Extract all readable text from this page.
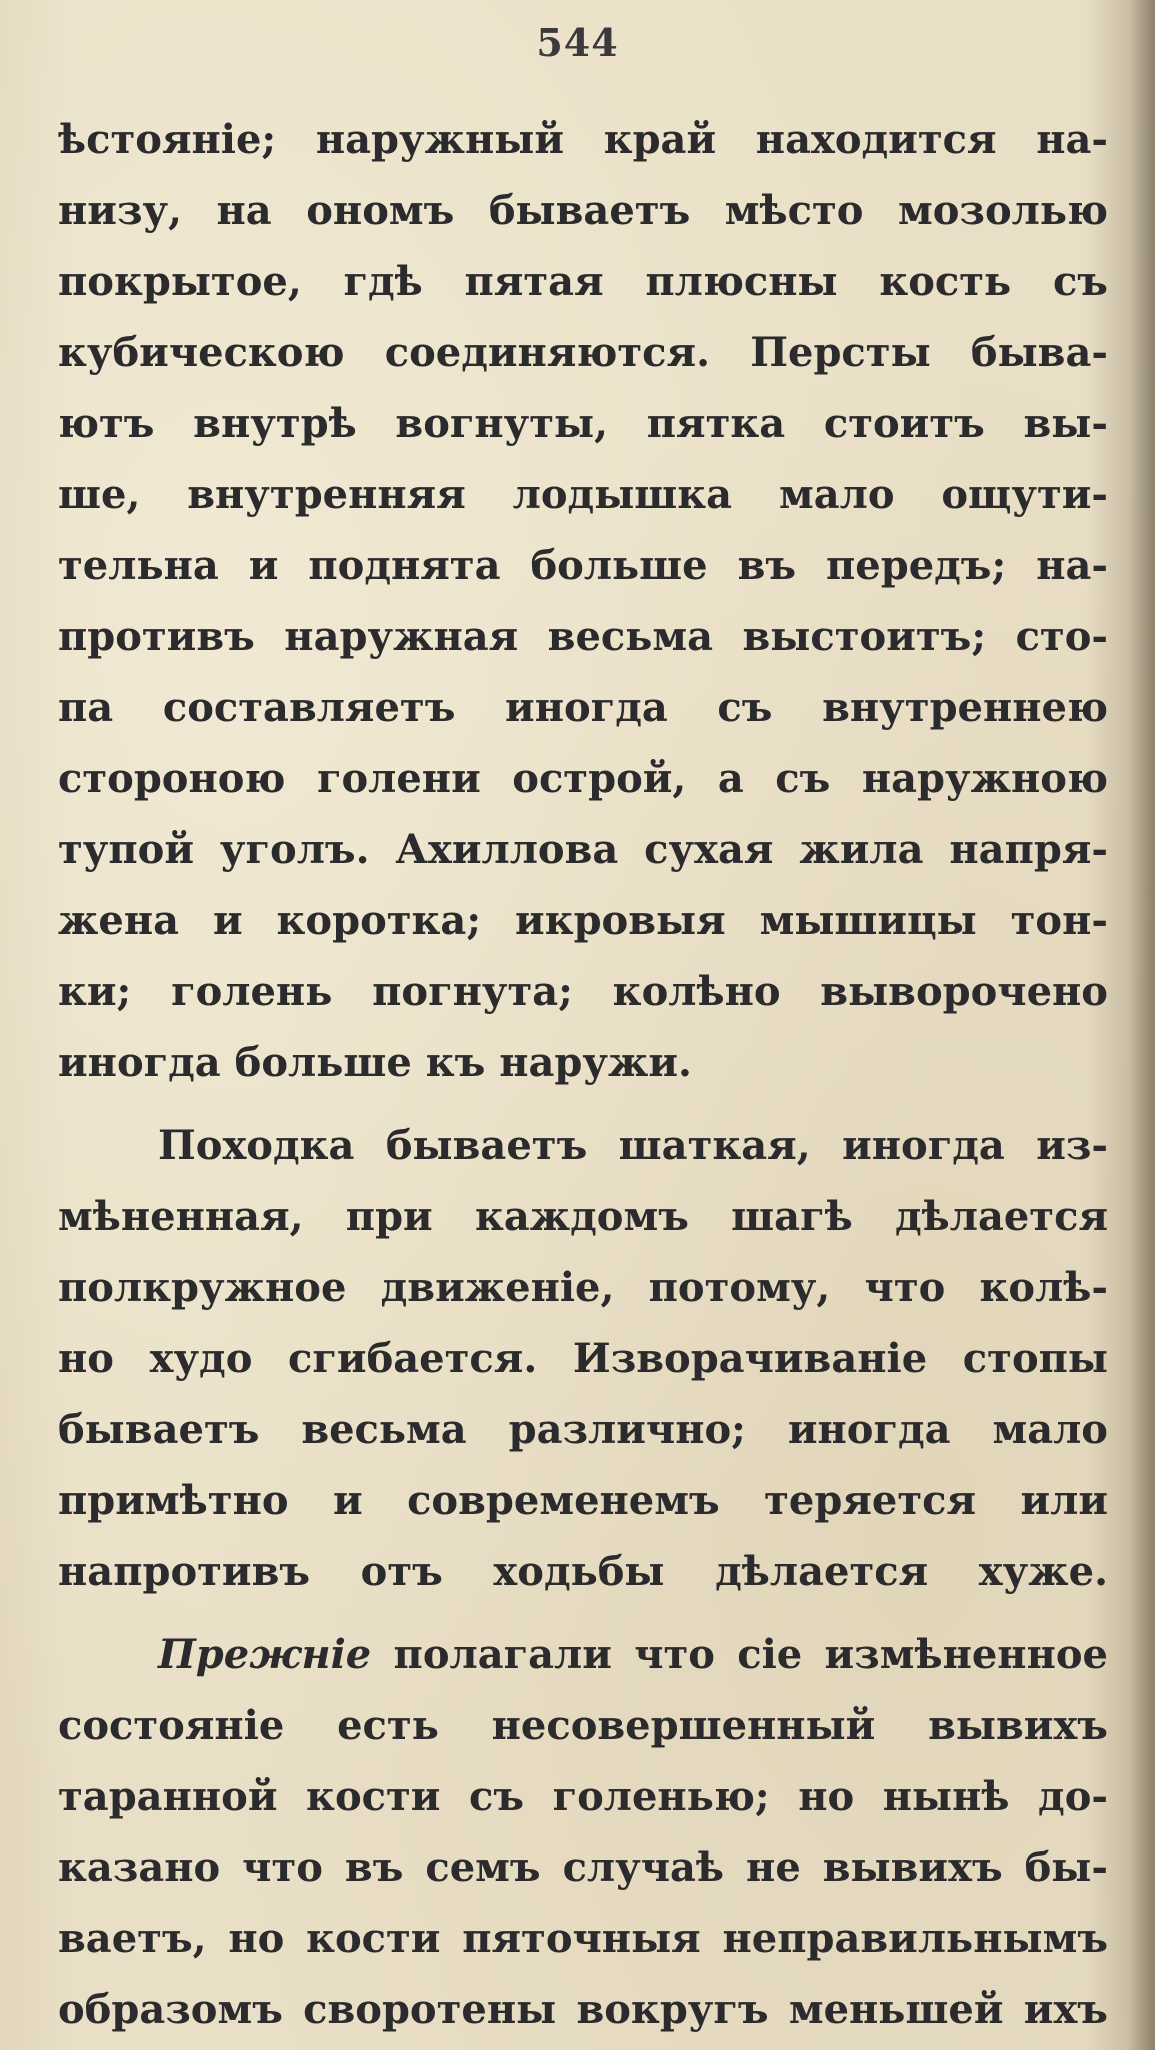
544
ѣстояніе; наружный край находится на-
низу, на ономъ бываетъ мѣсто мозолью
покрытое, гдѣ пятая плюсны кость съ
кубическою соединяются. Персты быва-
ютъ внутрѣ вогнуты, пятка стоитъ вы-
ше, внутренняя лодышка мало ощути-
тельна и поднята больше въ передъ; на-
противъ наружная весьма выстоитъ; сто-
па составляетъ иногда съ внутреннею
стороною голени острой, а съ наружною
тупой уголъ. Ахиллова сухая жила напря-
жена и коротка; икровыя мышицы тон-
ки; голень погнута; колѣно выворочено
иногда больше къ наружи.
Походка бываетъ шаткая, иногда из-
мѣненная, при каждомъ шагѣ дѣлается
полкружное движеніе, потому, что колѣ-
но худо сгибается. Изворачиваніе стопы
бываетъ весьма различно; иногда мало
примѣтно и современемъ теряется или
напротивъ отъ ходьбы дѣлается хуже.
Прежніе полагали что сіе измѣненное
состояніе есть несовершенный вывихъ
таранной кости съ голенью; но нынѣ до-
казано что въ семъ случаѣ не вывихъ бы-
ваетъ, но кости пяточныя неправильнымъ
образомъ своротены вокругъ меньшей ихъ
